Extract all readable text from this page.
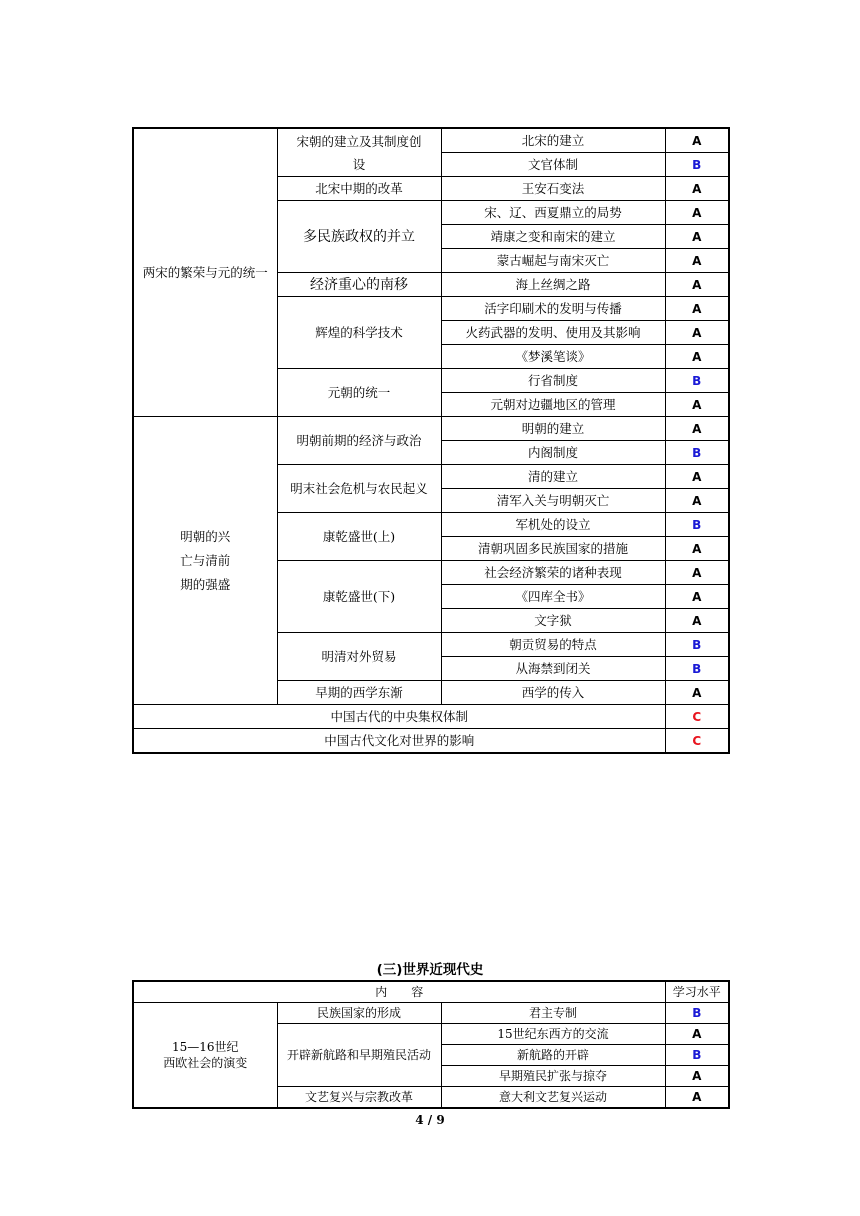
两宋的繁荣与元的统一	宋朝的建立及其制度创设	北宋的建立	A
		文官体制	B
	北宋中期的改革	王安石变法	A
	多民族政权的并立	宋、辽、西夏鼎立的局势	A
		靖康之变和南宋的建立	A
		蒙古崛起与南宋灭亡	A
	经济重心的南移	海上丝绸之路	A
	辉煌的科学技术	活字印刷术的发明与传播	A
		火药武器的发明、使用及其影响	A
		《梦溪笔谈》	A
	元朝的统一	行省制度	B
		元朝对边疆地区的管理	A

明朝的兴
亡与清前
期的强盛	明朝前期的经济与政治	明朝的建立	A
		内阁制度	B
	明末社会危机与农民起义	清的建立	A
		清军入关与明朝灭亡	A
	康乾盛世(上)	军机处的设立	B
		清朝巩固多民族国家的措施	A
	康乾盛世(下)	社会经济繁荣的诸种表现	A
		《四库全书》	A
		文字狱	A
	明清对外贸易	朝贡贸易的特点	B
		从海禁到闭关	B
	早期的西学东渐	西学的传入	A
中国古代的中央集权体制			C
中国古代文化对世界的影响			C
(三)世界近现代史
内　　容			学习水平

15—16世纪
西欧社会的演变	民族国家的形成	君主专制	B
	开辟新航路和早期殖民活动	15世纪东西方的交流	A
		新航路的开辟	B
		早期殖民扩张与掠夺	A
	文艺复兴与宗教改革	意大利文艺复兴运动	A
4 / 9
